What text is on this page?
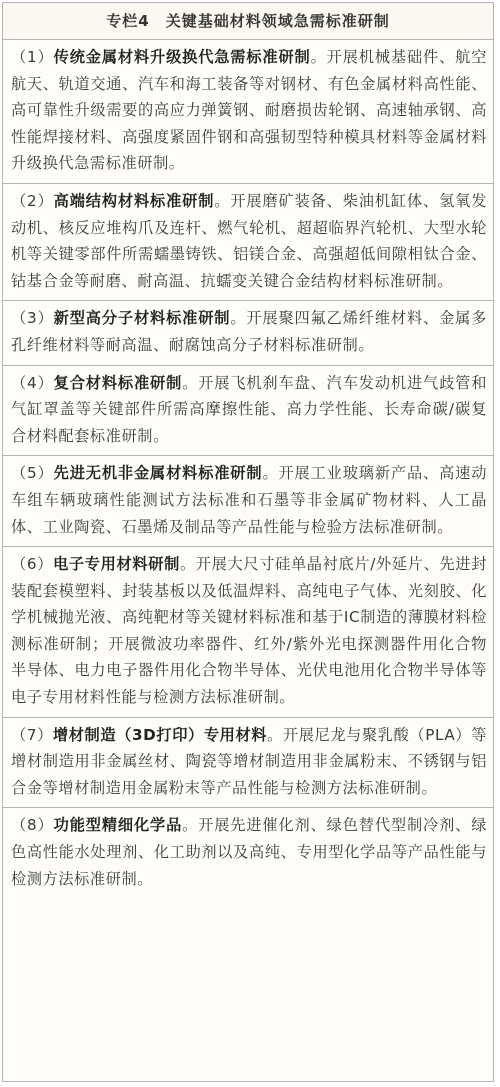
专栏4　关键基础材料领域急需标准研制
（1）传统金属材料升级换代急需标准研制。开展机械基础件、航空航天、轨道交通、汽车和海工装备等对钢材、有色金属材料高性能、高可靠性升级需要的高应力弹簧钢、耐磨损齿轮钢、高速轴承钢、高性能焊接材料、高强度紧固件钢和高强韧型特种模具材料等金属材料升级换代急需标准研制。
（2）高端结构材料标准研制。开展磨矿装备、柴油机缸体、氢氧发动机、核反应堆构爪及连杆、燃气轮机、超超临界汽轮机、大型水轮机等关键零部件所需蠕墨铸铁、铝镁合金、高强超低间隙相钛合金、钴基合金等耐磨、耐高温、抗蠕变关键合金结构材料标准研制。
（3）新型高分子材料标准研制。开展聚四氟乙烯纤维材料、金属多孔纤维材料等耐高温、耐腐蚀高分子材料标准研制。
（4）复合材料标准研制。开展飞机刹车盘、汽车发动机进气歧管和气缸罩盖等关键部件所需高摩擦性能、高力学性能、长寿命碳/碳复合材料配套标准研制。
（5）先进无机非金属材料标准研制。开展工业玻璃新产品、高速动车组车辆玻璃性能测试方法标准和石墨等非金属矿物材料、人工晶体、工业陶瓷、石墨烯及制品等产品性能与检验方法标准研制。
（6）电子专用材料研制。开展大尺寸硅单晶衬底片/外延片、先进封装配套模塑料、封装基板以及低温焊料、高纯电子气体、光刻胶、化学机械抛光液、高纯靶材等关键材料标准和基于IC制造的薄膜材料检测标准研制；开展微波功率器件、红外/紫外光电探测器件用化合物半导体、电力电子器件用化合物半导体、光伏电池用化合物半导体等电子专用材料性能与检测方法标准研制。
（7）增材制造（3D打印）专用材料。开展尼龙与聚乳酸（PLA）等增材制造用非金属丝材、陶瓷等增材制造用非金属粉末、不锈钢与铝合金等增材制造用金属粉末等产品性能与检测方法标准研制。
（8）功能型精细化学品。开展先进催化剂、绿色替代型制冷剂、绿色高性能水处理剂、化工助剂以及高纯、专用型化学品等产品性能与检测方法标准研制。
